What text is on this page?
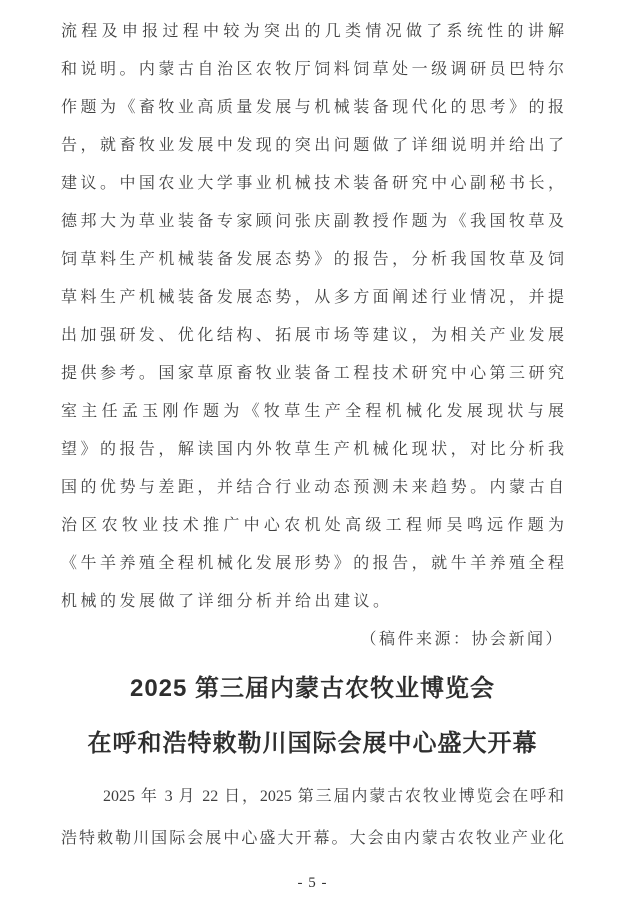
流程及申报过程中较为突出的几类情况做了系统性的讲解
和说明。内蒙古自治区农牧厅饲料饲草处一级调研员巴特尔
作题为《畜牧业高质量发展与机械装备现代化的思考》的报
告，就畜牧业发展中发现的突出问题做了详细说明并给出了
建议。中国农业大学事业机械技术装备研究中心副秘书长，
德邦大为草业装备专家顾问张庆副教授作题为《我国牧草及
饲草料生产机械装备发展态势》的报告，分析我国牧草及饲
草料生产机械装备发展态势，从多方面阐述行业情况，并提
出加强研发、优化结构、拓展市场等建议，为相关产业发展
提供参考。国家草原畜牧业装备工程技术研究中心第三研究
室主任孟玉刚作题为《牧草生产全程机械化发展现状与展
望》的报告，解读国内外牧草生产机械化现状，对比分析我
国的优势与差距，并结合行业动态预测未来趋势。内蒙古自
治区农牧业技术推广中心农机处高级工程师吴鸣远作题为
《牛羊养殖全程机械化发展形势》的报告，就牛羊养殖全程
机械的发展做了详细分析并给出建议。
（稿件来源：协会新闻）
2025 第三届内蒙古农牧业博览会
在呼和浩特敕勒川国际会展中心盛大开幕
2025 年 3 月 22 日，2025 第三届内蒙古农牧业博览会在呼和
浩特敕勒川国际会展中心盛大开幕。大会由内蒙古农牧业产业化
- 5 -
